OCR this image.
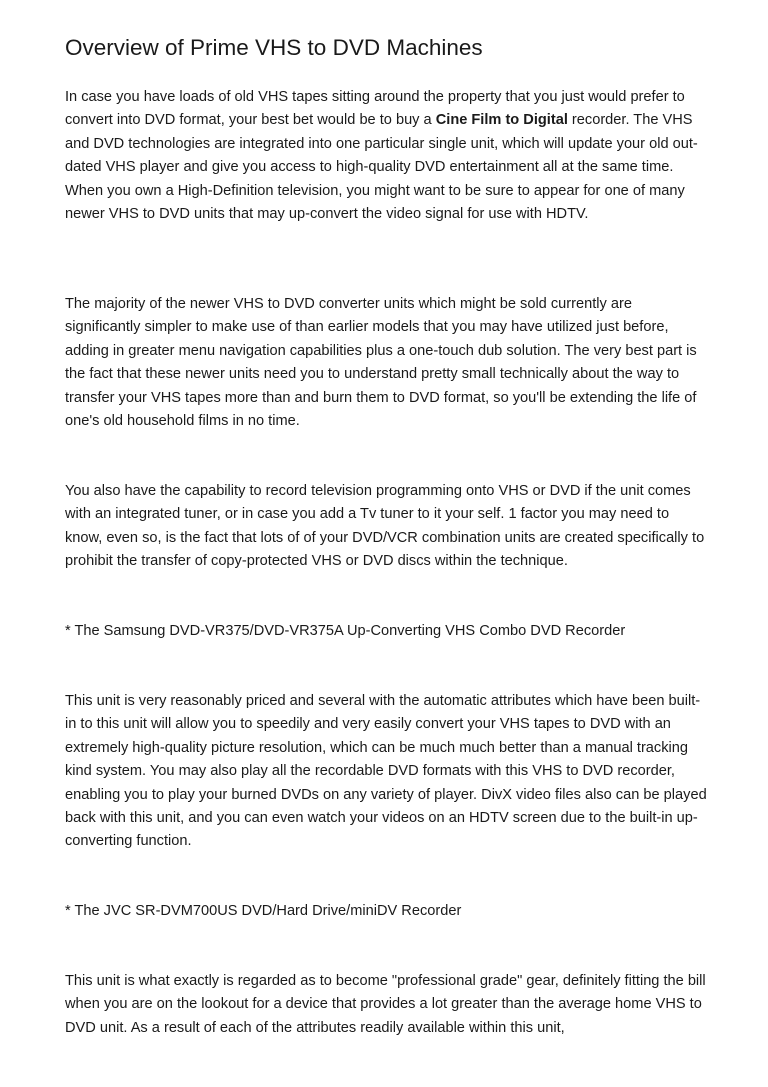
Overview of Prime VHS to DVD Machines

In case you have loads of old VHS tapes sitting around the property that you just would prefer to convert into DVD format, your best bet would be to buy a Cine Film to Digital recorder. The VHS and DVD technologies are integrated into one particular single unit, which will update your old out-dated VHS player and give you access to high-quality DVD entertainment all at the same time. When you own a High-Definition television, you might want to be sure to appear for one of many newer VHS to DVD units that may up-convert the video signal for use with HDTV.

The majority of the newer VHS to DVD converter units which might be sold currently are significantly simpler to make use of than earlier models that you may have utilized just before, adding in greater menu navigation capabilities plus a one-touch dub solution. The very best part is the fact that these newer units need you to understand pretty small technically about the way to transfer your VHS tapes more than and burn them to DVD format, so you'll be extending the life of one's old household films in no time.

You also have the capability to record television programming onto VHS or DVD if the unit comes with an integrated tuner, or in case you add a Tv tuner to it your self. 1 factor you may need to know, even so, is the fact that lots of of your DVD/VCR combination units are created specifically to prohibit the transfer of copy-protected VHS or DVD discs within the technique.

* The Samsung DVD-VR375/DVD-VR375A Up-Converting VHS Combo DVD Recorder

This unit is very reasonably priced and several with the automatic attributes which have been built-in to this unit will allow you to speedily and very easily convert your VHS tapes to DVD with an extremely high-quality picture resolution, which can be much much better than a manual tracking kind system. You may also play all the recordable DVD formats with this VHS to DVD recorder, enabling you to play your burned DVDs on any variety of player. DivX video files also can be played back with this unit, and you can even watch your videos on an HDTV screen due to the built-in up-converting function.

* The JVC SR-DVM700US DVD/Hard Drive/miniDV Recorder

This unit is what exactly is regarded as to become "professional grade" gear, definitely fitting the bill when you are on the lookout for a device that provides a lot greater than the average home VHS to DVD unit. As a result of each of the attributes readily available within this unit,
